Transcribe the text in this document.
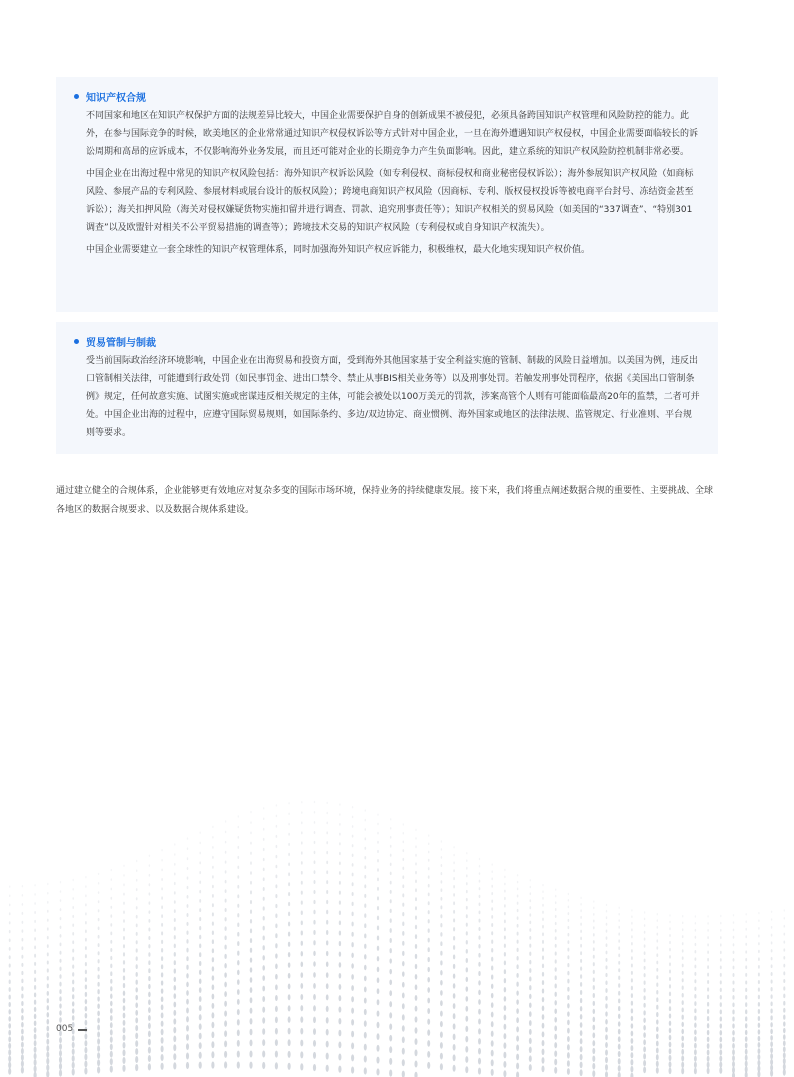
知识产权合规

不同国家和地区在知识产权保护方面的法规差异比较大，中国企业需要保护自身的创新成果不被侵犯，必须具备跨国知识产权管理和风险防控的能力。此外，在参与国际竞争的时候，欧美地区的企业常常通过知识产权侵权诉讼等方式针对中国企业，一旦在海外遭遇知识产权侵权，中国企业需要面临较长的诉讼周期和高昂的应诉成本，不仅影响海外业务发展，而且还可能对企业的长期竞争力产生负面影响。因此，建立系统的知识产权风险防控机制非常必要。

中国企业在出海过程中常见的知识产权风险包括：海外知识产权诉讼风险（如专利侵权、商标侵权和商业秘密侵权诉讼）；海外参展知识产权风险（如商标风险、参展产品的专利风险、参展材料或展台设计的版权风险）；跨境电商知识产权风险（因商标、专利、版权侵权投诉等被电商平台封号、冻结资金甚至诉讼）；海关扣押风险（海关对侵权嫌疑货物实施扣留并进行调查、罚款、追究刑事责任等）；知识产权相关的贸易风险（如美国的“337调查”、“特别301调查”以及欧盟针对相关不公平贸易措施的调查等）；跨境技术交易的知识产权风险（专利侵权或自身知识产权流失）。

中国企业需要建立一套全球性的知识产权管理体系，同时加强海外知识产权应诉能力，积极维权，最大化地实现知识产权价值。

贸易管制与制裁

受当前国际政治经济环境影响，中国企业在出海贸易和投资方面，受到海外其他国家基于安全利益实施的管制、制裁的风险日益增加。以美国为例，违反出口管制相关法律，可能遭到行政处罚（如民事罚金、进出口禁令、禁止从事BIS相关业务等）以及刑事处罚。若触发刑事处罚程序，依据《美国出口管制条例》规定，任何故意实施、试图实施或密谋违反相关规定的主体，可能会被处以100万美元的罚款，涉案高管个人则有可能面临最高20年的监禁，二者可并处。中国企业出海的过程中，应遵守国际贸易规则，如国际条约、多边/双边协定、商业惯例、海外国家或地区的法律法规、监管规定、行业准则、平台规则等要求。

通过建立健全的合规体系，企业能够更有效地应对复杂多变的国际市场环境，保持业务的持续健康发展。接下来，我们将重点阐述数据合规的重要性、主要挑战、全球各地区的数据合规要求、以及数据合规体系建设。

005
